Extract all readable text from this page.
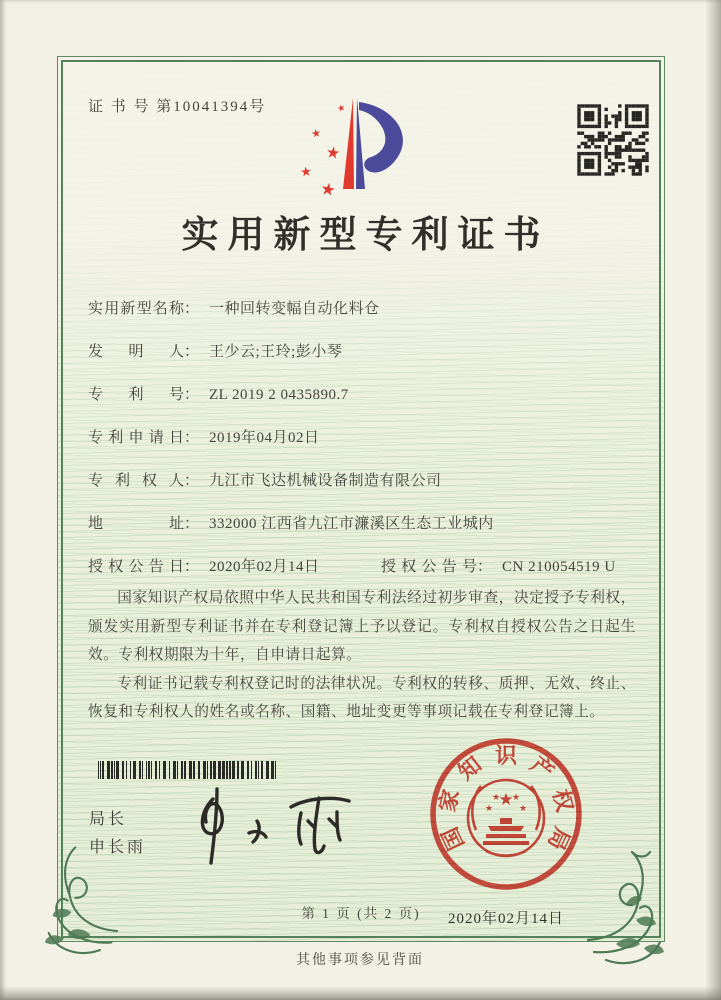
证 书 号 第10041394号	★
★
★
★
★
实用新型专利证书
实用新型名称： 一种回转变幅自动化料仓
发明人： 王少云;王玲;彭小琴
专利号： ZL 2019 2 0435890.7
专利申请日： 2019年04月02日
专利权人： 九江市飞达机械设备制造有限公司
地址： 332000 江西省九江市濂溪区生态工业城内
授权公告日： 2020年02月14日	授权公告号： CN 210054519 U

国家知识产权局依照中华人民共和国专利法经过初步审查，决定授予专利权，颁发实用新型专利证书并在专利登记簿上予以登记。专利权自授权公告之日起生效。专利权期限为十年，自申请日起算。

专利证书记载专利权登记时的法律状况。专利权的转移、质押、无效、终止、恢复和专利权人的姓名或名称、国籍、地址变更等事项记载在专利登记簿上。

局长
申长雨
★
★
★ ★
★
国
家
知 识 产
权
局
2020年02月14日
第 1 页 (共 2 页)
其他事项参见背面
